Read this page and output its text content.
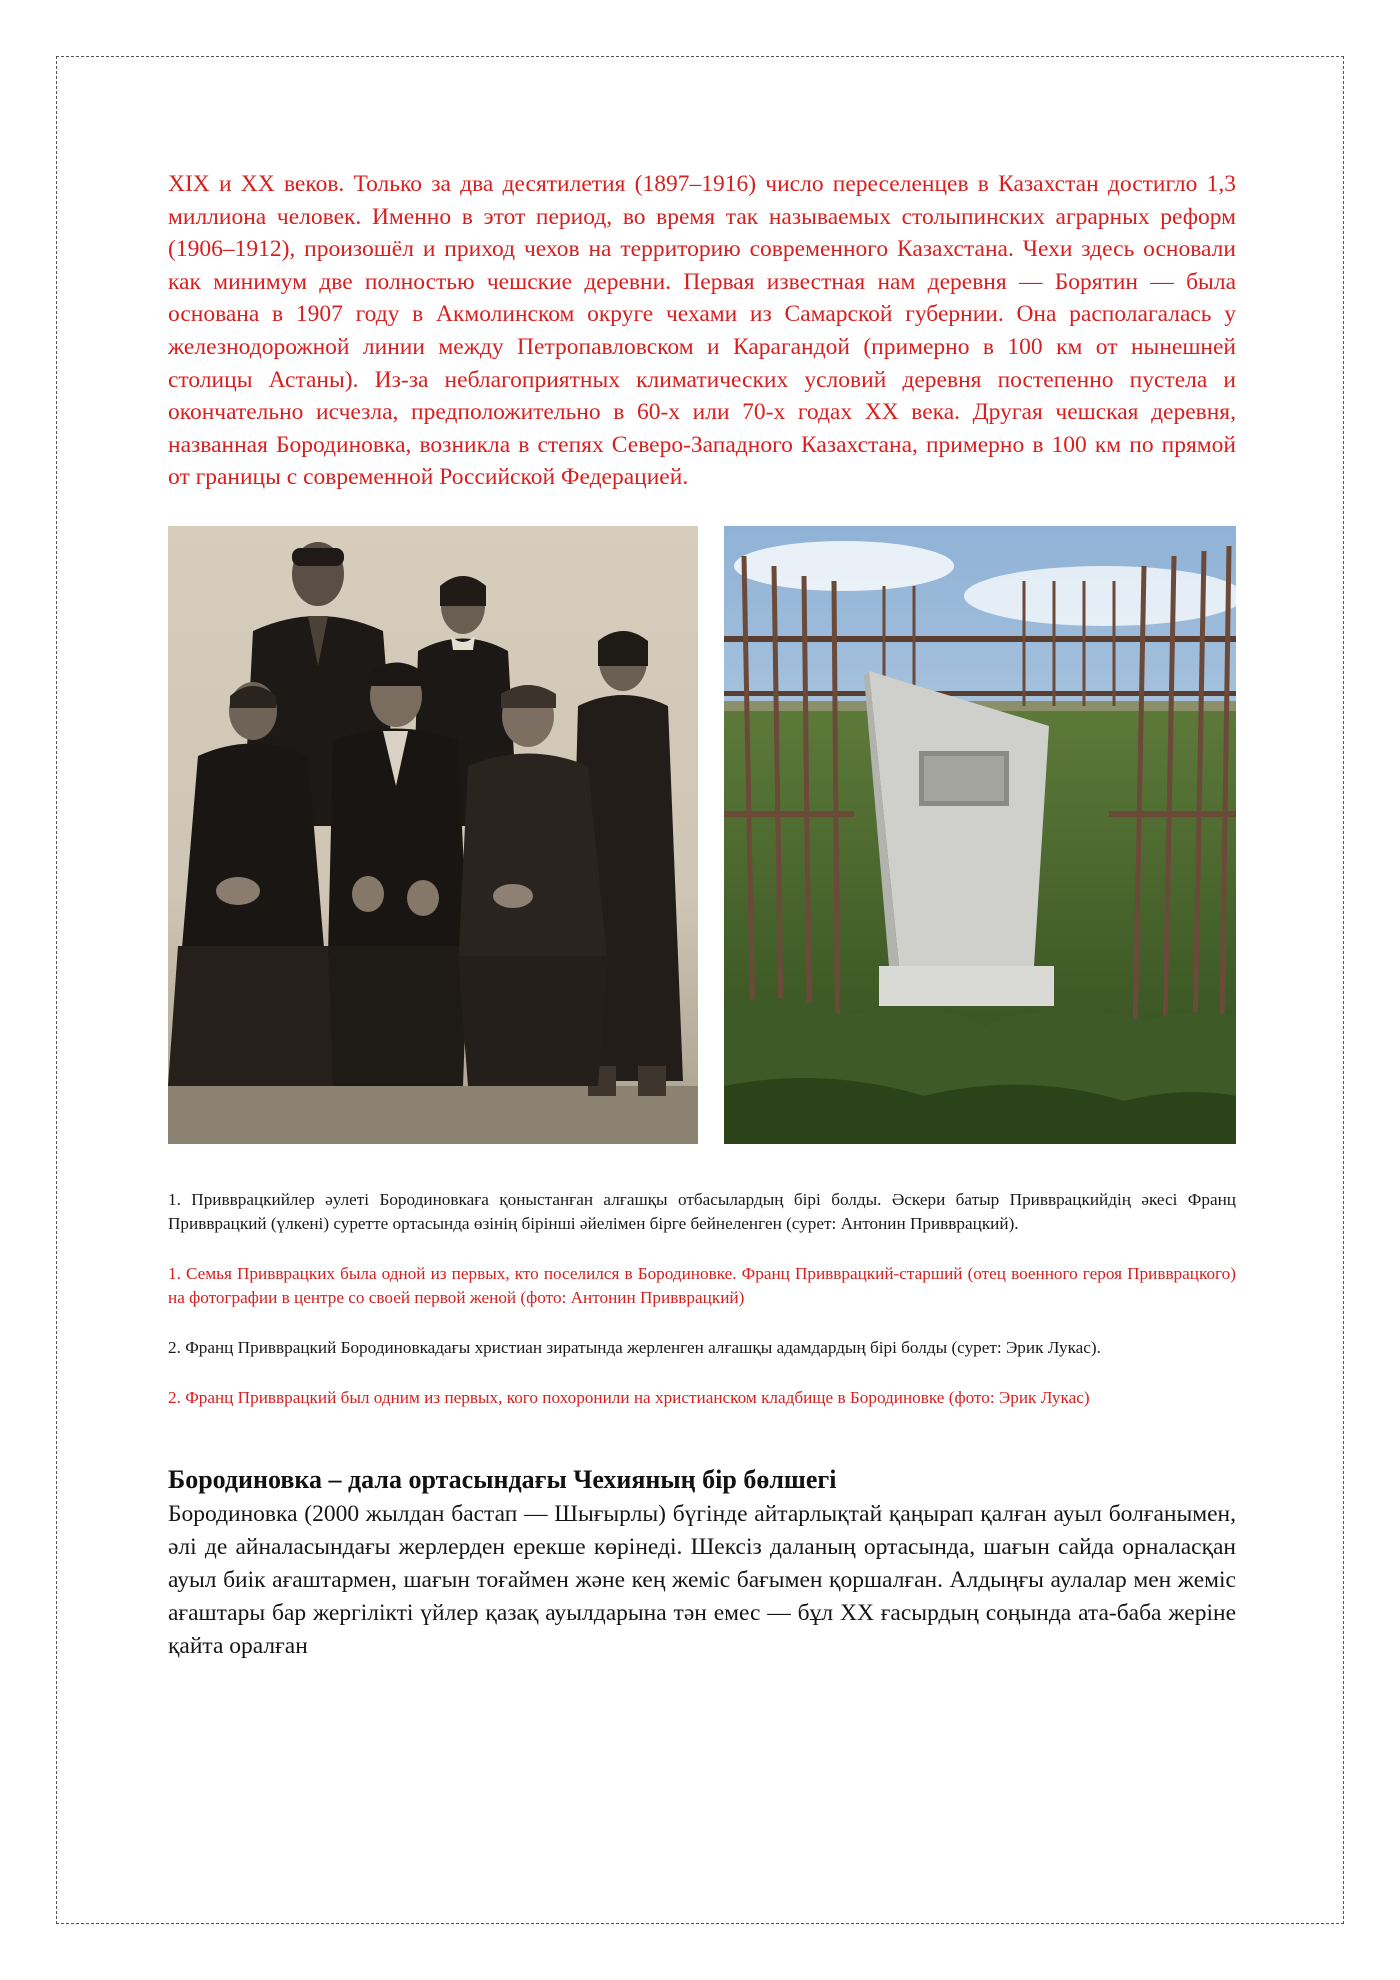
XIX и XX веков. Только за два десятилетия (1897–1916) число переселенцев в Казахстан достигло 1,3 миллиона человек. Именно в этот период, во время так называемых столыпинских аграрных реформ (1906–1912), произошёл и приход чехов на территорию современного Казахстана. Чехи здесь основали как минимум две полностью чешские деревни. Первая известная нам деревня — Борятин — была основана в 1907 году в Акмолинском округе чехами из Самарской губернии. Она располагалась у железнодорожной линии между Петропавловском и Карагандой (примерно в 100 км от нынешней столицы Астаны). Из-за неблагоприятных климатических условий деревня постепенно пустела и окончательно исчезла, предположительно в 60-х или 70-х годах XX века. Другая чешская деревня, названная Бородиновка, возникла в степях Северо-Западного Казахстана, примерно в 100 км по прямой от границы с современной Российской Федерацией.

1. Привврацкийлер әулеті Бородиновкаға қоныстанған алғашқы отбасылардың бірі болды. Әскери батыр Привврацкийдің әкесі Франц Привврацкий (үлкені) суретте ортасында өзінің бірінші әйелімен бірге бейнеленген (сурет: Антонин Привврацкий).

1. Семья Привврацких была одной из первых, кто поселился в Бородиновке. Франц Привврацкий-старший (отец военного героя Привврацкого) на фотографии в центре со своей первой женой (фото: Антонин Привврацкий)

2. Франц Привврацкий Бородиновкадағы христиан зиратында жерленген алғашқы адамдардың бірі болды (сурет: Эрик Лукас).

2. Франц Привврацкий был одним из первых, кого похоронили на христианском кладбище в Бородиновке (фото: Эрик Лукас)

Бородиновка – дала ортасындағы Чехияның бір бөлшегі

Бородиновка (2000 жылдан бастап — Шығырлы) бүгінде айтарлықтай қаңырап қалған ауыл болғанымен, әлі де айналасындағы жерлерден ерекше көрінеді. Шексіз даланың ортасында, шағын сайда орналасқан ауыл биік ағаштармен, шағын тоғаймен және кең жеміс бағымен қоршалған. Алдыңғы аулалар мен жеміс ағаштары бар жергілікті үйлер қазақ ауылдарына тән емес — бұл XX ғасырдың соңында ата-баба жеріне қайта оралған
